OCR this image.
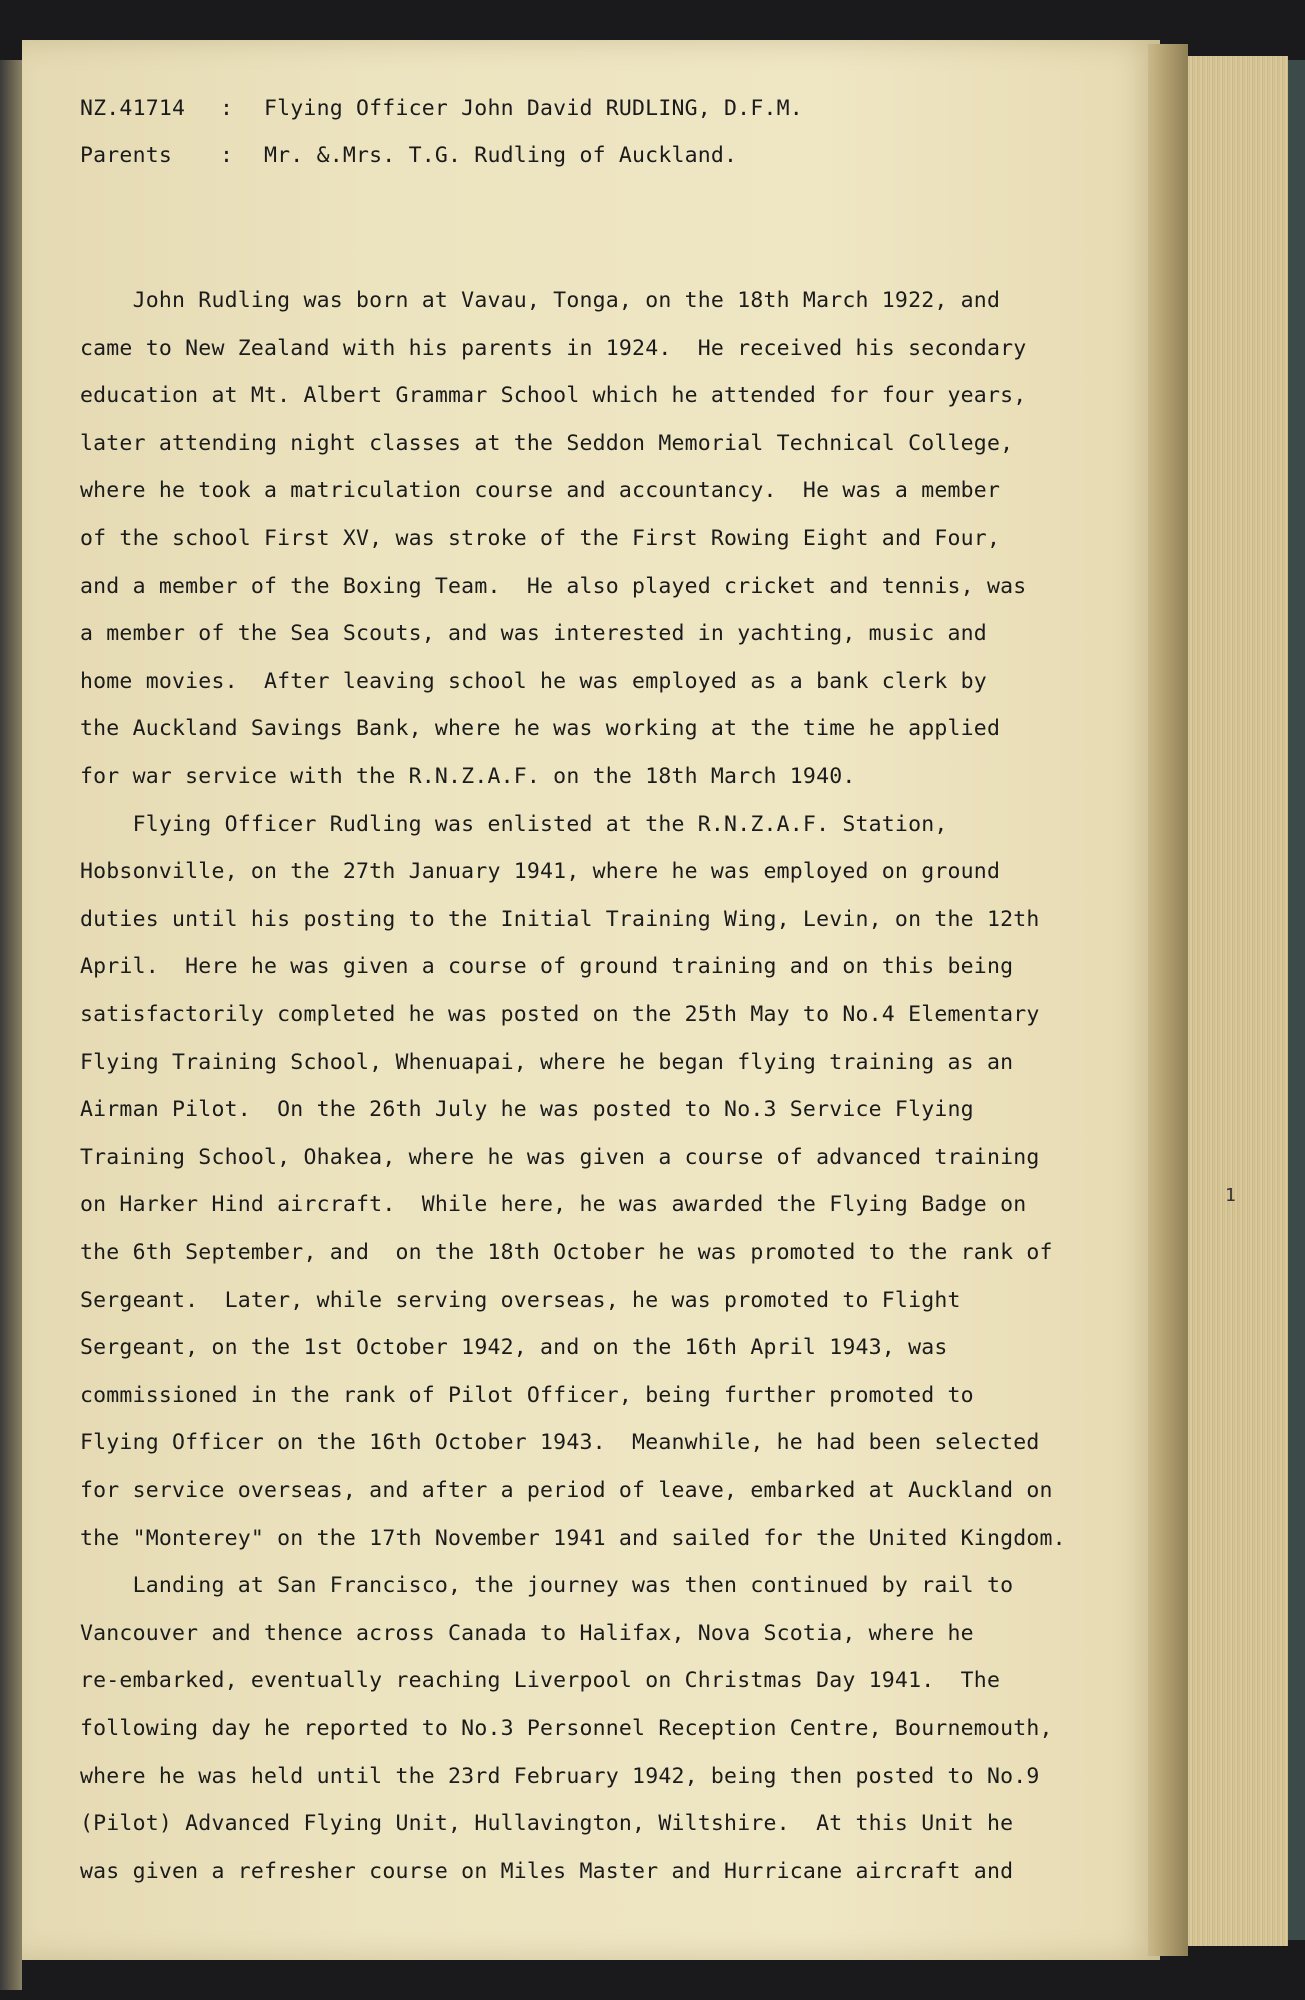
NZ.41714 : Flying Officer John David RUDLING, D.F.M.
Parents : Mr. &.Mrs. T.G. Rudling of Auckland.
John Rudling was born at Vavau, Tonga, on the 18th March 1922, and
came to New Zealand with his parents in 1924.  He received his secondary
education at Mt. Albert Grammar School which he attended for four years,
later attending night classes at the Seddon Memorial Technical College,
where he took a matriculation course and accountancy.  He was a member
of the school First XV, was stroke of the First Rowing Eight and Four,
and a member of the Boxing Team.  He also played cricket and tennis, was
a member of the Sea Scouts, and was interested in yachting, music and
home movies.  After leaving school he was employed as a bank clerk by
the Auckland Savings Bank, where he was working at the time he applied
for war service with the R.N.Z.A.F. on the 18th March 1940.
Flying Officer Rudling was enlisted at the R.N.Z.A.F. Station,
Hobsonville, on the 27th January 1941, where he was employed on ground
duties until his posting to the Initial Training Wing, Levin, on the 12th
April.  Here he was given a course of ground training and on this being
satisfactorily completed he was posted on the 25th May to No.4 Elementary
Flying Training School, Whenuapai, where he began flying training as an
Airman Pilot.  On the 26th July he was posted to No.3 Service Flying
Training School, Ohakea, where he was given a course of advanced training
on Harker Hind aircraft.  While here, he was awarded the Flying Badge on
the 6th September, and  on the 18th October he was promoted to the rank of
Sergeant.  Later, while serving overseas, he was promoted to Flight
Sergeant, on the 1st October 1942, and on the 16th April 1943, was
commissioned in the rank of Pilot Officer, being further promoted to
Flying Officer on the 16th October 1943.  Meanwhile, he had been selected
for service overseas, and after a period of leave, embarked at Auckland on
the "Monterey" on the 17th November 1941 and sailed for the United Kingdom.
Landing at San Francisco, the journey was then continued by rail to
Vancouver and thence across Canada to Halifax, Nova Scotia, where he
re-embarked, eventually reaching Liverpool on Christmas Day 1941.  The
following day he reported to No.3 Personnel Reception Centre, Bournemouth,
where he was held until the 23rd February 1942, being then posted to No.9
(Pilot) Advanced Flying Unit, Hullavington, Wiltshire.  At this Unit he
was given a refresher course on Miles Master and Hurricane aircraft and
1
